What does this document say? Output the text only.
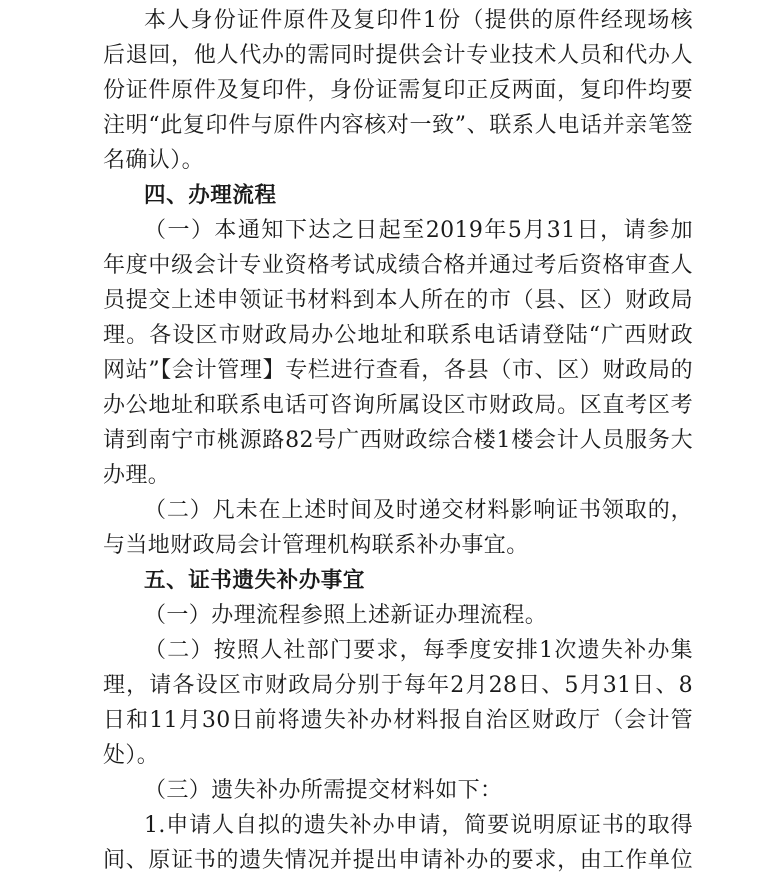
本人身份证件原件及复印件1份（提供的原件经现场核
后退回，他人代办的需同时提供会计专业技术人员和代办人
份证件原件及复印件，身份证需复印正反两面，复印件均要
注明“此复印件与原件内容核对一致”、联系人电话并亲笔签
名确认）。
四、办理流程
（一）本通知下达之日起至2019年5月31日，请参加
年度中级会计专业资格考试成绩合格并通过考后资格审查人
员提交上述申领证书材料到本人所在的市（县、区）财政局
理。各设区市财政局办公地址和联系电话请登陆“广西财政
网站”【会计管理】专栏进行查看，各县（市、区）财政局的
办公地址和联系电话可咨询所属设区市财政局。区直考区考
请到南宁市桃源路82号广西财政综合楼1楼会计人员服务大
办理。
（二）凡未在上述时间及时递交材料影响证书领取的，
与当地财政局会计管理机构联系补办事宜。
五、证书遗失补办事宜
（一）办理流程参照上述新证办理流程。
（二）按照人社部门要求，每季度安排1次遗失补办集
理，请各设区市财政局分别于每年2月28日、5月31日、8
日和11月30日前将遗失补办材料报自治区财政厅（会计管
处）。
（三）遗失补办所需提交材料如下：
1.申请人自拟的遗失补办申请，简要说明原证书的取得
间、原证书的遗失情况并提出申请补办的要求，由工作单位
